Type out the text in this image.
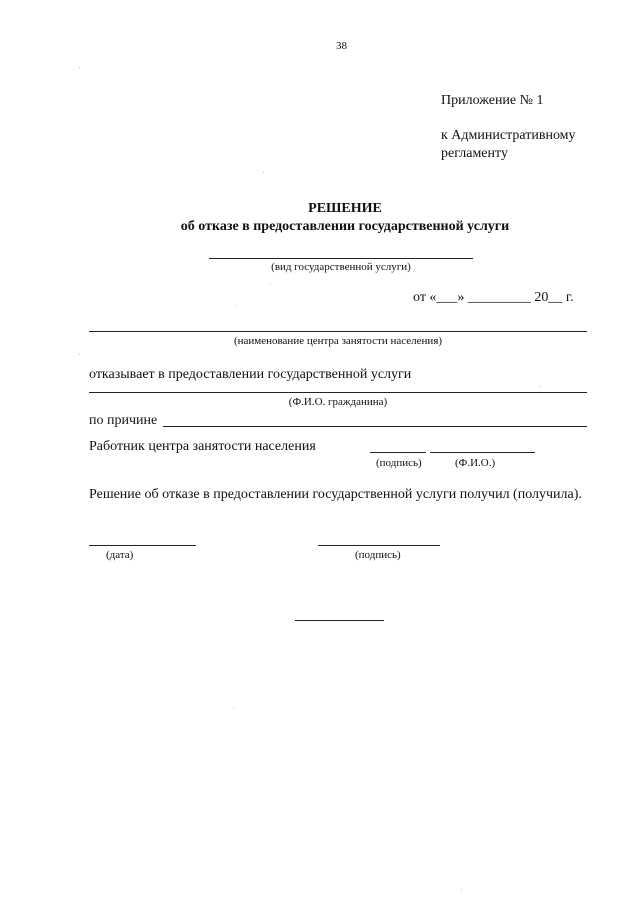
38
Приложение № 1
к Административному
регламенту
РЕШЕНИЕ
об отказе в предоставлении государственной услуги
(вид государственной услуги)
от «___» _________ 20__ г.
(наименование центра занятости населения)
отказывает в предоставлении государственной услуги
(Ф.И.О. гражданина)
по причине
Работник центра занятости населения
(подпись)	(Ф.И.О.)
Решение об отказе в предоставлении государственной услуги получил (получила).
(дата)	(подпись)
